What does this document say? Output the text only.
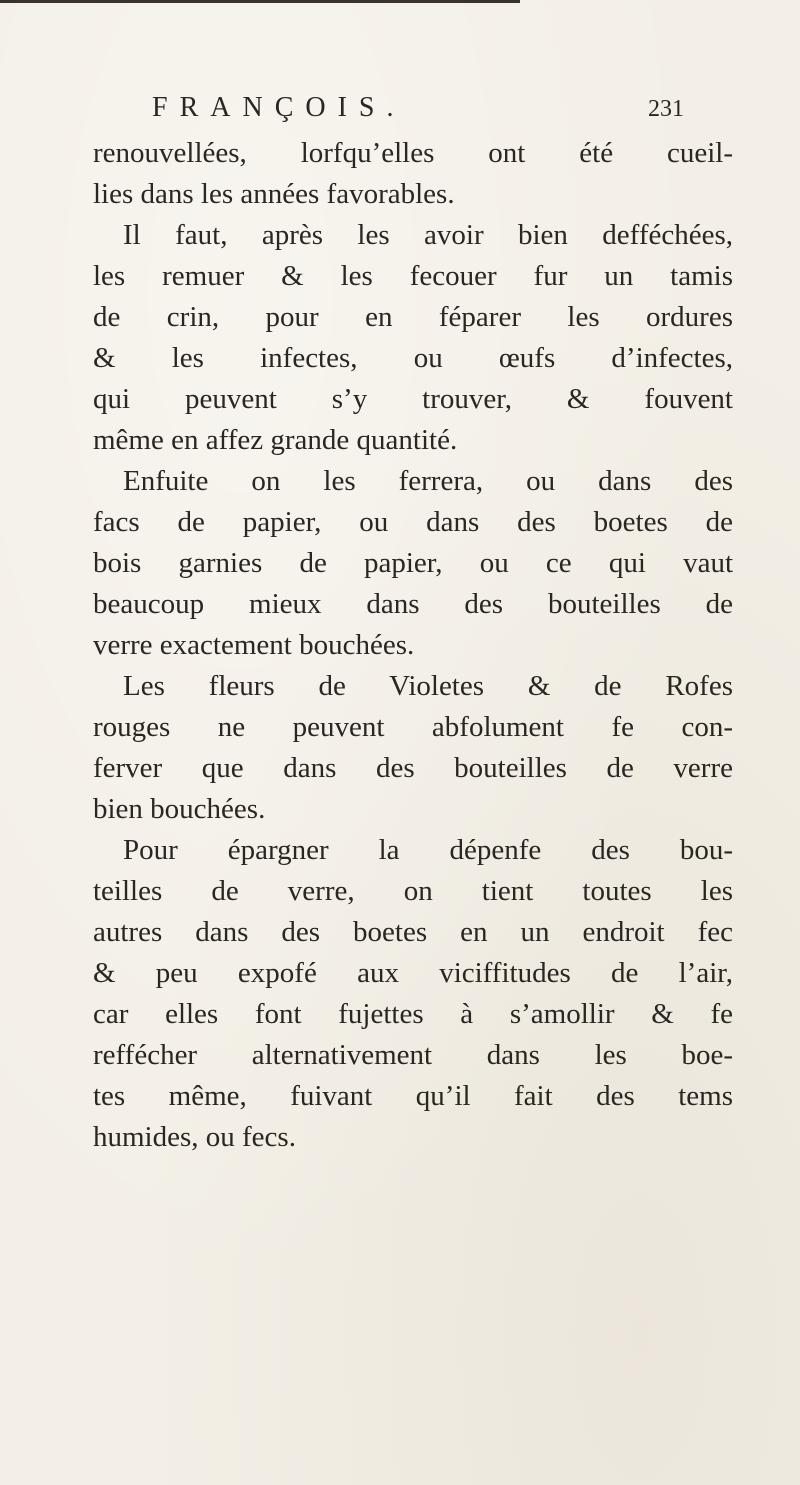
FRANÇOIS.	231
renouvellées, lorfqu’elles ont été cueil-
lies dans les années favorables.
Il faut, après les avoir bien defféchées,
les remuer & les fecouer fur un tamis
de crin, pour en féparer les ordures
& les infectes, ou œufs d’infectes,
qui peuvent s’y trouver, & fouvent
même en affez grande quantité.
Enfuite on les ferrera, ou dans des
facs de papier, ou dans des boetes de
bois garnies de papier, ou ce qui vaut
beaucoup mieux dans des bouteilles de
verre exactement bouchées.
Les fleurs de Violetes & de Rofes
rouges ne peuvent abfolument fe con-
ferver que dans des bouteilles de verre
bien bouchées.
Pour épargner la dépenfe des bou-
teilles de verre, on tient toutes les
autres dans des boetes en un endroit fec
& peu expofé aux viciffitudes de l’air,
car elles font fujettes à s’amollir & fe
reffécher alternativement dans les boe-
tes même, fuivant qu’il fait des tems
humides, ou fecs.
